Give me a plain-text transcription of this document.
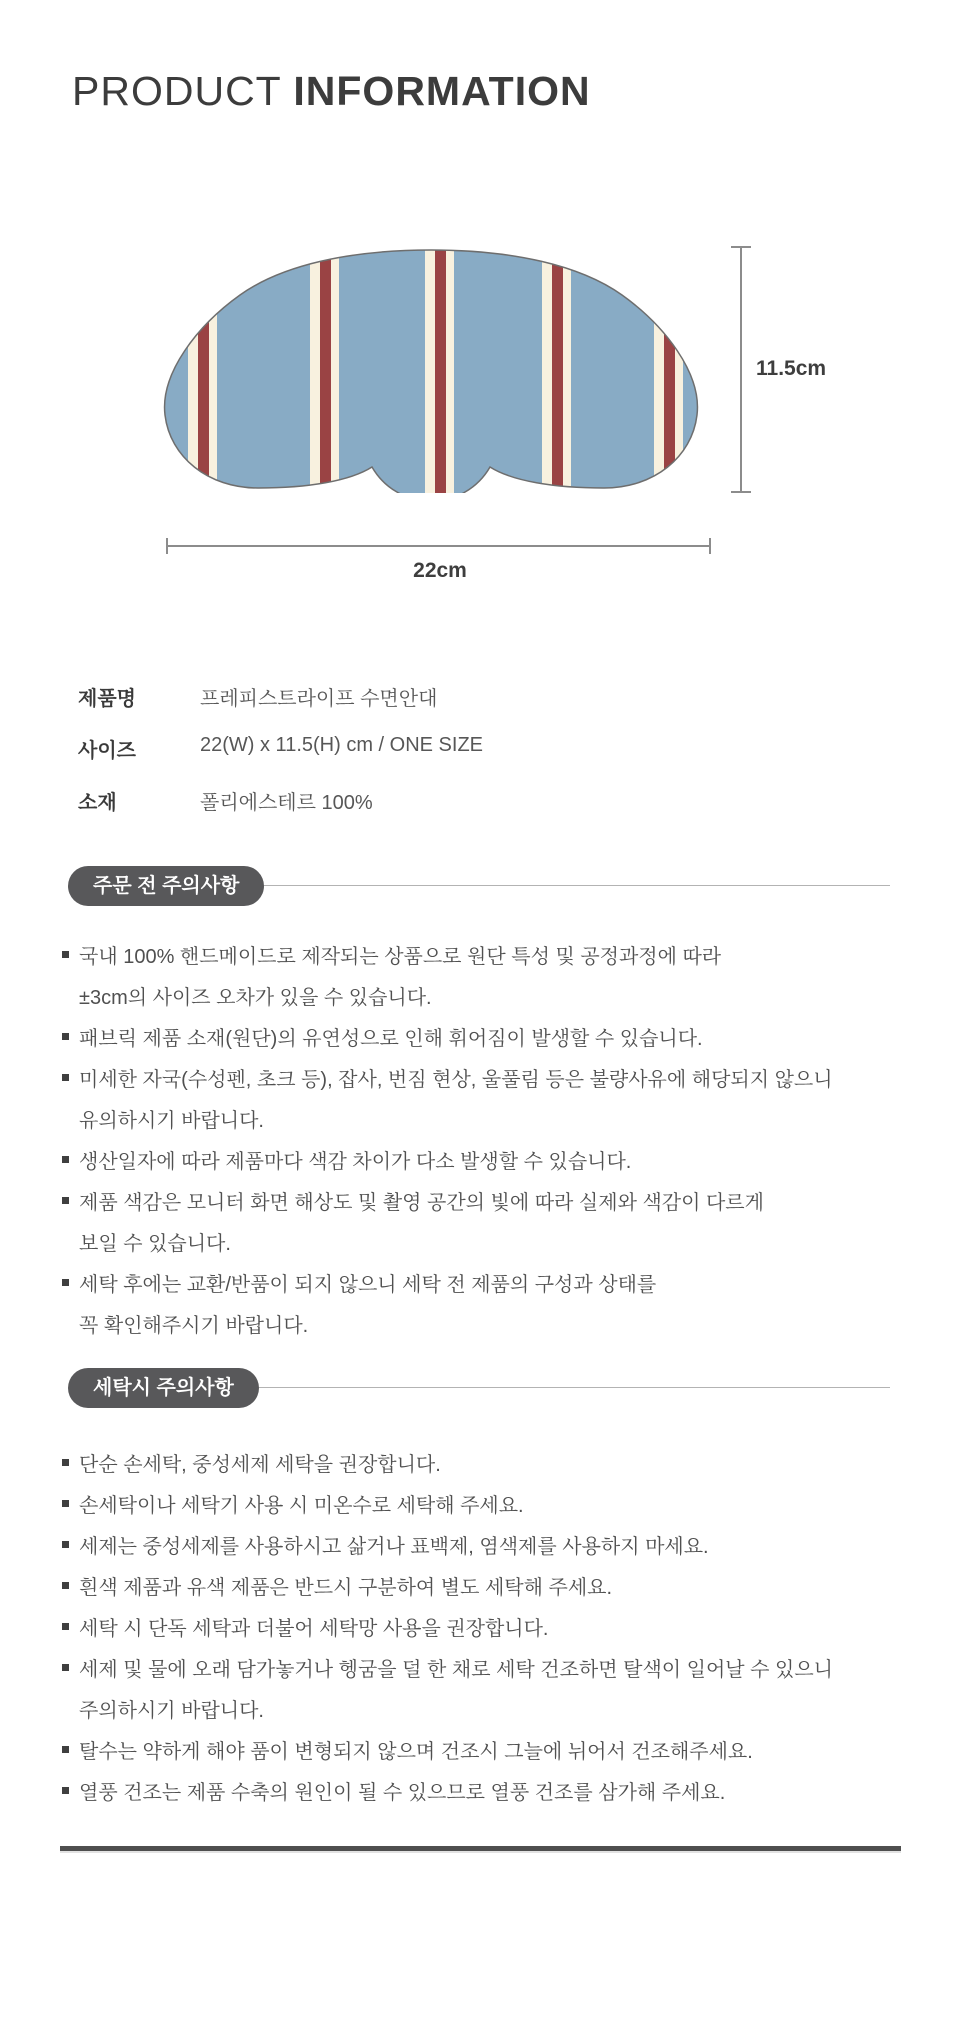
PRODUCT INFORMATION
11.5cm
22cm
제품명	프레피스트라이프 수면안대
사이즈	22(W) x 11.5(H) cm / ONE SIZE
소재	폴리에스테르 100%
주문 전 주의사항
국내 100% 핸드메이드로 제작되는 상품으로 원단 특성 및 공정과정에 따라
±3cm의 사이즈 오차가 있을 수 있습니다.
패브릭 제품 소재(원단)의 유연성으로 인해 휘어짐이 발생할 수 있습니다.
미세한 자국(수성펜, 초크 등), 잡사, 번짐 현상, 울풀림 등은 불량사유에 해당되지 않으니
유의하시기 바랍니다.
생산일자에 따라 제품마다 색감 차이가 다소 발생할 수 있습니다.
제품 색감은 모니터 화면 해상도 및 촬영 공간의 빛에 따라 실제와 색감이 다르게
보일 수 있습니다.
세탁 후에는 교환/반품이 되지 않으니 세탁 전 제품의 구성과 상태를
꼭 확인해주시기 바랍니다.
세탁시 주의사항
단순 손세탁, 중성세제 세탁을 권장합니다.
손세탁이나 세탁기 사용 시 미온수로 세탁해 주세요.
세제는 중성세제를 사용하시고 삶거나 표백제, 염색제를 사용하지 마세요.
흰색 제품과 유색 제품은 반드시 구분하여 별도 세탁해 주세요.
세탁 시 단독 세탁과 더불어 세탁망 사용을 권장합니다.
세제 및 물에 오래 담가놓거나 헹굼을 덜 한 채로 세탁 건조하면 탈색이 일어날 수 있으니
주의하시기 바랍니다.
탈수는 약하게 해야 품이 변형되지 않으며 건조시 그늘에 뉘어서 건조해주세요.
열풍 건조는 제품 수축의 원인이 될 수 있으므로 열풍 건조를 삼가해 주세요.
